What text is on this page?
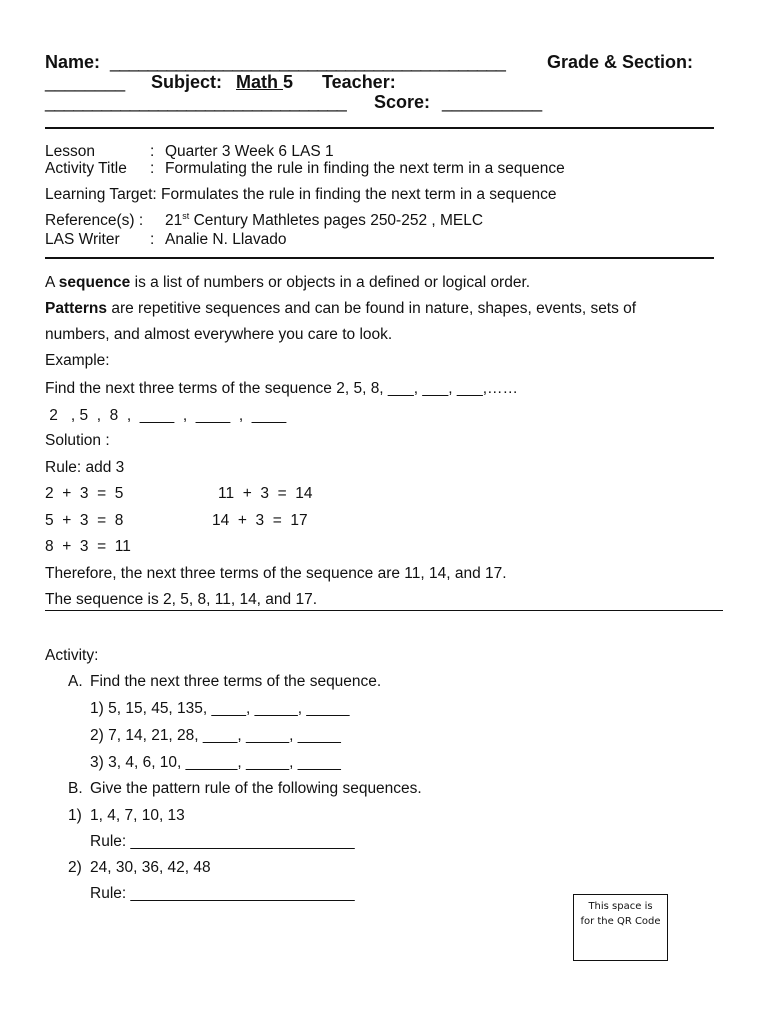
Name: __________________________________________ Grade & Section:
________ Subject: Math 5 Teacher:
________________________________ Score: __________
Lesson	: Quarter 3 Week 6 LAS 1
Activity Title : Formulating the rule in finding the next term in a sequence
Learning Target: Formulates the rule in finding the next term in a sequence
Reference(s) : 21st Century Mathletes pages 250-252 , MELC
LAS Writer : Analie N. Llavado
A sequence is a list of numbers or objects in a defined or logical order.
Patterns are repetitive sequences and can be found in nature, shapes, events, sets of
numbers, and almost everywhere you care to look.
Example:
Find the next three terms of the sequence 2, 5, 8, ___, ___, ___,……
2   , 5  ,  8  ,  ____  ,  ____  ,  ____
Solution :
Rule: add 3
2  +  3  =  5	11  +  3  =  14
5  +  3  =  8	14  +  3  =  17
8  +  3  =  11
Therefore, the next three terms of the sequence are 11, 14, and 17.
The sequence is 2, 5, 8, 11, 14, and 17.
Activity:
A. Find the next three terms of the sequence.
1) 5, 15, 45, 135, ____, _____, _____
2) 7, 14, 21, 28, ____, _____, _____
3) 3, 4, 6, 10, ______, _____, _____
B. Give the pattern rule of the following sequences.
1) 1, 4, 7, 10, 13
Rule: __________________________
2) 24, 30, 36, 42, 48
Rule: __________________________
This space is for the QR Code
